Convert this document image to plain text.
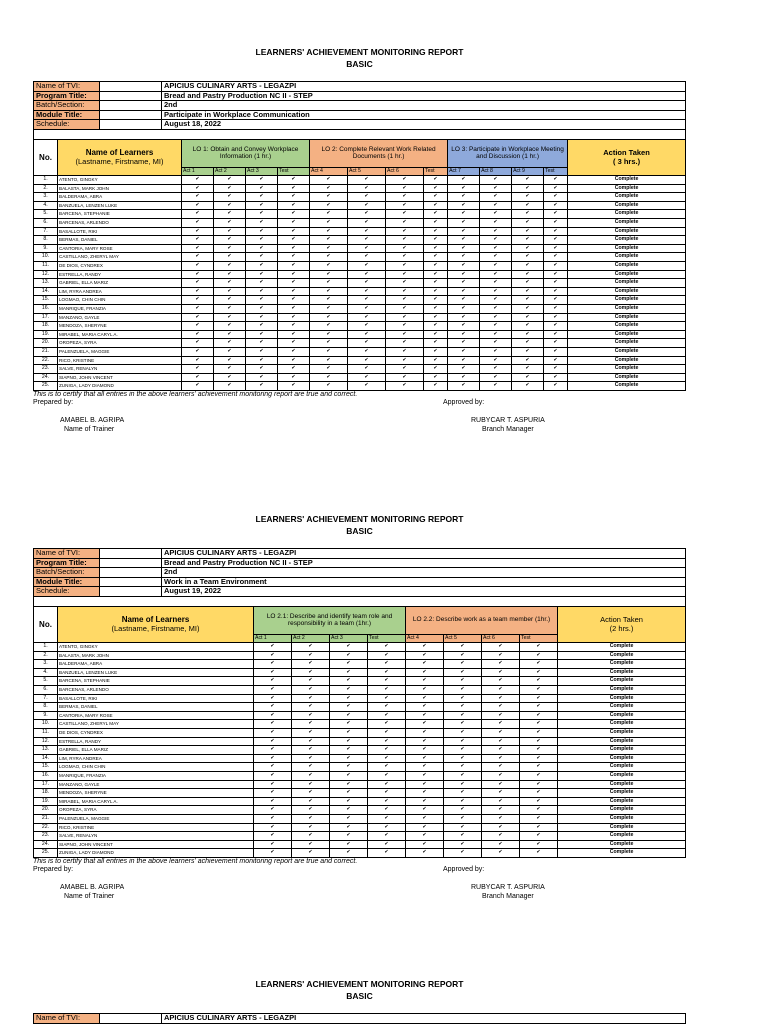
LEARNERS' ACHIEVEMENT MONITORING REPORT
BASIC
Name of TVI:		APICIUS CULINARY ARTS - LEGAZPI
Program Title:		Bread and Pastry Production NC II - STEP
Batch/Section:		2nd
Module Title:		Participate in Workplace Communication
Schedule:		August 18, 2022
No.	Name of Learners
(Lastname, Firstname, MI)	LO 1: Obtain and Convey Workplace Information (1 hr.)				LO 2: Complete Relevant Work Related Documents (1 hr.)				LO 3: Participate in Workplace Meeting and Discussion (1 hr.)				Action Taken
( 3 hrs.)
		Act 1	Act 2	Act 3	Test	Act 4	Act 5	Act 6	Test	Act 7	Act 8	Act 9	Test	
1.	ATENTO, GINGKY	✔	✔	✔	✔	✔	✔	✔	✔	✔	✔	✔	✔	Complete
2.	BALASTA, MARK JOHN	✔	✔	✔	✔	✔	✔	✔	✔	✔	✔	✔	✔	Complete
3.	BALDERAMA, ABRA	✔	✔	✔	✔	✔	✔	✔	✔	✔	✔	✔	✔	Complete
4.	BANZUELA, LENZEN LUKE	✔	✔	✔	✔	✔	✔	✔	✔	✔	✔	✔	✔	Complete
5.	BARCENA, STEPHANIE	✔	✔	✔	✔	✔	✔	✔	✔	✔	✔	✔	✔	Complete
6.	BARCENAS, ARLENDO	✔	✔	✔	✔	✔	✔	✔	✔	✔	✔	✔	✔	Complete
7.	BASALLOTE, RIKI	✔	✔	✔	✔	✔	✔	✔	✔	✔	✔	✔	✔	Complete
8.	BERMAS, DANIEL	✔	✔	✔	✔	✔	✔	✔	✔	✔	✔	✔	✔	Complete
9.	CANTORIA, MARY ROSE	✔	✔	✔	✔	✔	✔	✔	✔	✔	✔	✔	✔	Complete
10.	CASTILLANO, ZHERYL MAY	✔	✔	✔	✔	✔	✔	✔	✔	✔	✔	✔	✔	Complete
11.	DE DIOS, CYNDREX	✔	✔	✔	✔	✔	✔	✔	✔	✔	✔	✔	✔	Complete
12.	ESTRELLA, RANDY	✔	✔	✔	✔	✔	✔	✔	✔	✔	✔	✔	✔	Complete
13.	GABRIEL, ELLA MARIZ	✔	✔	✔	✔	✔	✔	✔	✔	✔	✔	✔	✔	Complete
14.	LIM, RYRA ANDREA	✔	✔	✔	✔	✔	✔	✔	✔	✔	✔	✔	✔	Complete
15.	LOGMAO, CHIN CHIN	✔	✔	✔	✔	✔	✔	✔	✔	✔	✔	✔	✔	Complete
16.	MANRIQUE, FRANZIA	✔	✔	✔	✔	✔	✔	✔	✔	✔	✔	✔	✔	Complete
17.	MANZANO, GAYLE	✔	✔	✔	✔	✔	✔	✔	✔	✔	✔	✔	✔	Complete
18.	MENDOZA, SHERYNE	✔	✔	✔	✔	✔	✔	✔	✔	✔	✔	✔	✔	Complete
19.	MIRABEL, MARIA CARYL A.	✔	✔	✔	✔	✔	✔	✔	✔	✔	✔	✔	✔	Complete
20.	OROPEZA, SYRA	✔	✔	✔	✔	✔	✔	✔	✔	✔	✔	✔	✔	Complete
21.	PALENZUELA, MAGGIE	✔	✔	✔	✔	✔	✔	✔	✔	✔	✔	✔	✔	Complete
22.	RICO, KRISTINE	✔	✔	✔	✔	✔	✔	✔	✔	✔	✔	✔	✔	Complete
23.	SALVE, RENALYN	✔	✔	✔	✔	✔	✔	✔	✔	✔	✔	✔	✔	Complete
24.	SIAPNO, JOHN VINCENT	✔	✔	✔	✔	✔	✔	✔	✔	✔	✔	✔	✔	Complete
25.	ZUNIGA, LADY DIAMOND	✔	✔	✔	✔	✔	✔	✔	✔	✔	✔	✔	✔	Complete
This is to certify that all entries in the above learners' achievement monitoring report are true and correct.
Prepared by:	Approved by:
AMABEL B. AGRIPA
Name of Trainer
RUBYCAR T. ASPURIA
Branch Manager
LEARNERS' ACHIEVEMENT MONITORING REPORT
BASIC
Name of TVI:		APICIUS CULINARY ARTS - LEGAZPI
Program Title:		Bread and Pastry Production NC II - STEP
Batch/Section:		2nd
Module Title:		Work in a Team Environment
Schedule:		August 19, 2022
No.	Name of Learners
(Lastname, Firstname, MI)	LO 2.1: Describe and identify team role and responsibility in a team (1hr.)				LO 2.2: Describe work as a team member (1hr.)				Action Taken
(2 hrs.)
		Act 1	Act 2	Act 3	Test	Act 4	Act 5	Act 6	Test	
1.	ATENTO, GINGKY	✔	✔	✔	✔	✔	✔	✔	✔	Complete
2.	BALASTA, MARK JOHN	✔	✔	✔	✔	✔	✔	✔	✔	Complete
3.	BALDERAMA, ABRA	✔	✔	✔	✔	✔	✔	✔	✔	Complete
4.	BANZUELA, LENZEN LUKE	✔	✔	✔	✔	✔	✔	✔	✔	Complete
5.	BARCENA, STEPHANIE	✔	✔	✔	✔	✔	✔	✔	✔	Complete
6.	BARCENAS, ARLENDO	✔	✔	✔	✔	✔	✔	✔	✔	Complete
7.	BASALLOTE, RIKI	✔	✔	✔	✔	✔	✔	✔	✔	Complete
8.	BERMAS, DANIEL	✔	✔	✔	✔	✔	✔	✔	✔	Complete
9.	CANTORIA, MARY ROSE	✔	✔	✔	✔	✔	✔	✔	✔	Complete
10.	CASTILLANO, ZHERYL MAY	✔	✔	✔	✔	✔	✔	✔	✔	Complete
11.	DE DIOS, CYNDREX	✔	✔	✔	✔	✔	✔	✔	✔	Complete
12.	ESTRELLA, RANDY	✔	✔	✔	✔	✔	✔	✔	✔	Complete
13.	GABRIEL, ELLA MARIZ	✔	✔	✔	✔	✔	✔	✔	✔	Complete
14.	LIM, RYRA ANDREA	✔	✔	✔	✔	✔	✔	✔	✔	Complete
15.	LOGMAO, CHIN CHIN	✔	✔	✔	✔	✔	✔	✔	✔	Complete
16.	MANRIQUE, FRANZIA	✔	✔	✔	✔	✔	✔	✔	✔	Complete
17.	MANZANO, GAYLE	✔	✔	✔	✔	✔	✔	✔	✔	Complete
18.	MENDOZA, SHERYNE	✔	✔	✔	✔	✔	✔	✔	✔	Complete
19.	MIRABEL, MARIA CARYL A.	✔	✔	✔	✔	✔	✔	✔	✔	Complete
20.	OROPEZA, SYRA	✔	✔	✔	✔	✔	✔	✔	✔	Complete
21.	PALENZUELA, MAGGIE	✔	✔	✔	✔	✔	✔	✔	✔	Complete
22.	RICO, KRISTINE	✔	✔	✔	✔	✔	✔	✔	✔	Complete
23.	SALVE, RENALYN	✔	✔	✔	✔	✔	✔	✔	✔	Complete
24.	SIAPNO, JOHN VINCENT	✔	✔	✔	✔	✔	✔	✔	✔	Complete
25.	ZUNIGA, LADY DIAMOND	✔	✔	✔	✔	✔	✔	✔	✔	Complete
This is to certify that all entries in the above learners' achievement monitoring report are true and correct.
Prepared by:	Approved by:
AMABEL B. AGRIPA
Name of Trainer
RUBYCAR T. ASPURIA
Branch Manager
LEARNERS' ACHIEVEMENT MONITORING REPORT
BASIC
Name of TVI:		APICIUS CULINARY ARTS - LEGAZPI
